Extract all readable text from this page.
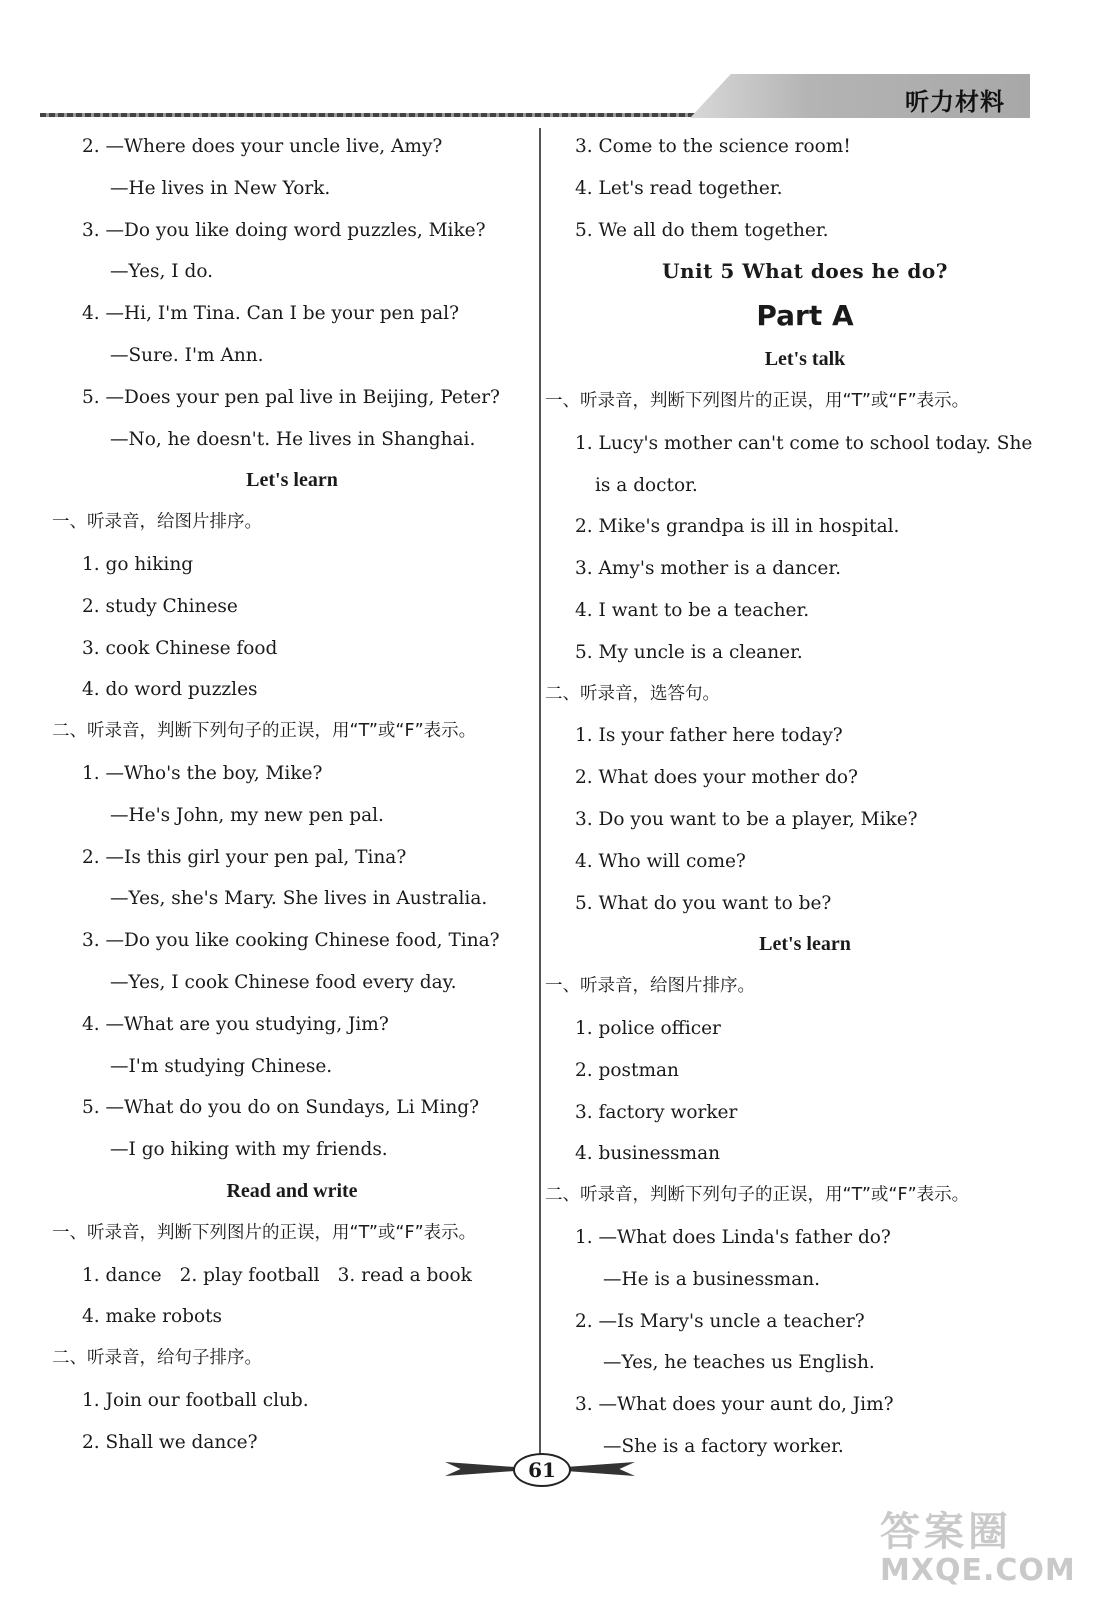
听力材料
2. —Where does your uncle live, Amy?
—He lives in New York.
3. —Do you like doing word puzzles, Mike?
—Yes, I do.
4. —Hi, I'm Tina. Can I be your pen pal?
—Sure. I'm Ann.
5. —Does your pen pal live in Beijing, Peter?
—No, he doesn't. He lives in Shanghai.
Let's learn
一、听录音，给图片排序。
1. go hiking
2. study Chinese
3. cook Chinese food
4. do word puzzles
二、听录音，判断下列句子的正误，用“T”或“F”表示。
1. —Who's the boy, Mike?
—He's John, my new pen pal.
2. —Is this girl your pen pal, Tina?
—Yes, she's Mary. She lives in Australia.
3. —Do you like cooking Chinese food, Tina?
—Yes, I cook Chinese food every day.
4. —What are you studying, Jim?
—I'm studying Chinese.
5. —What do you do on Sundays, Li Ming?
—I go hiking with my friends.
Read and write
一、听录音，判断下列图片的正误，用“T”或“F”表示。
1. dance 2. play football 3. read a book
4. make robots
二、听录音，给句子排序。
1. Join our football club.
2. Shall we dance?
3. Come to the science room!
4. Let's read together.
5. We all do them together.
Unit 5 What does he do?
Part A
Let's talk
一、听录音，判断下列图片的正误，用“T”或“F”表示。
1. Lucy's mother can't come to school today. She
is a doctor.
2. Mike's grandpa is ill in hospital.
3. Amy's mother is a dancer.
4. I want to be a teacher.
5. My uncle is a cleaner.
二、听录音，选答句。
1. Is your father here today?
2. What does your mother do?
3. Do you want to be a player, Mike?
4. Who will come?
5. What do you want to be?
Let's learn
一、听录音，给图片排序。
1. police officer
2. postman
3. factory worker
4. businessman
二、听录音，判断下列句子的正误，用“T”或“F”表示。
1. —What does Linda's father do?
—He is a businessman.
2. —Is Mary's uncle a teacher?
—Yes, he teaches us English.
3. —What does your aunt do, Jim?
—She is a factory worker.
61
答案圈
MXQE.COM
